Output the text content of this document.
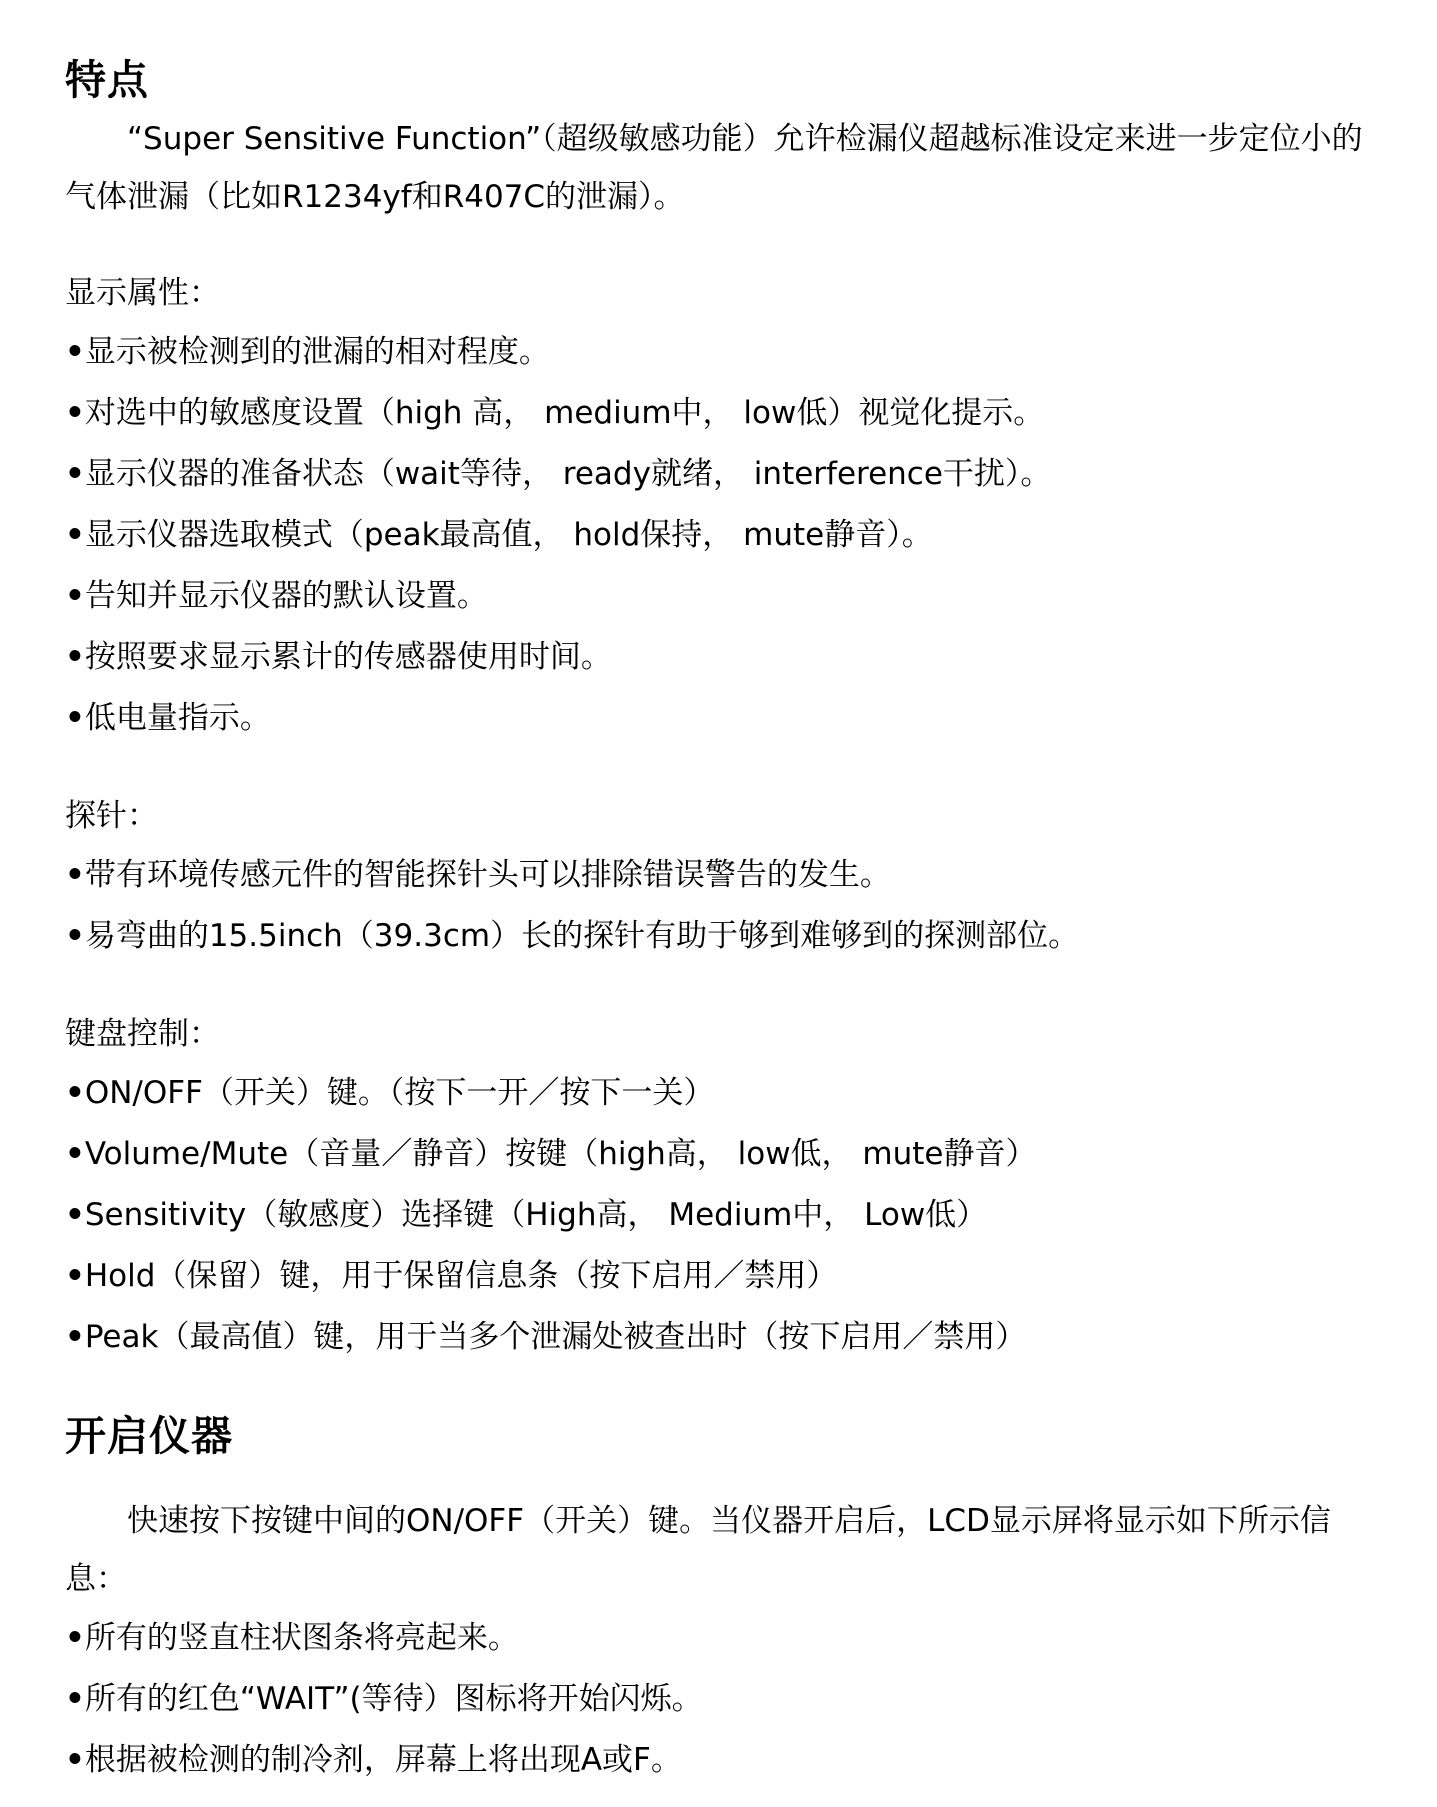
特点

“Super Sensitive Function”（超级敏感功能）允许检漏仪超越标准设定来进一步定位小的气体泄漏（比如R1234yf和R407C的泄漏）。

显示属性：
•显示被检测到的泄漏的相对程度。
•对选中的敏感度设置（high 高， medium中， low低）视觉化提示。
•显示仪器的准备状态（wait等待， ready就绪， interference干扰）。
•显示仪器选取模式（peak最高值， hold保持， mute静音）。
•告知并显示仪器的默认设置。
•按照要求显示累计的传感器使用时间。
•低电量指示。
探针：
•带有环境传感元件的智能探针头可以排除错误警告的发生。
•易弯曲的15.5inch（39.3cm）长的探针有助于够到难够到的探测部位。
键盘控制：
•ON/OFF（开关）键。（按下一开／按下一关）
•Volume/Mute（音量／静音）按键（high高， low低， mute静音）
•Sensitivity（敏感度）选择键（High高， Medium中， Low低）
•Hold（保留）键，用于保留信息条（按下启用／禁用）
•Peak（最高值）键，用于当多个泄漏处被查出时（按下启用／禁用）
开启仪器

快速按下按键中间的ON/OFF（开关）键。当仪器开启后，LCD显示屏将显示如下所示信息：

•所有的竖直柱状图条将亮起来。
•所有的红色“WAIT”(等待）图标将开始闪烁。
•根据被检测的制冷剂，屏幕上将出现A或F。
